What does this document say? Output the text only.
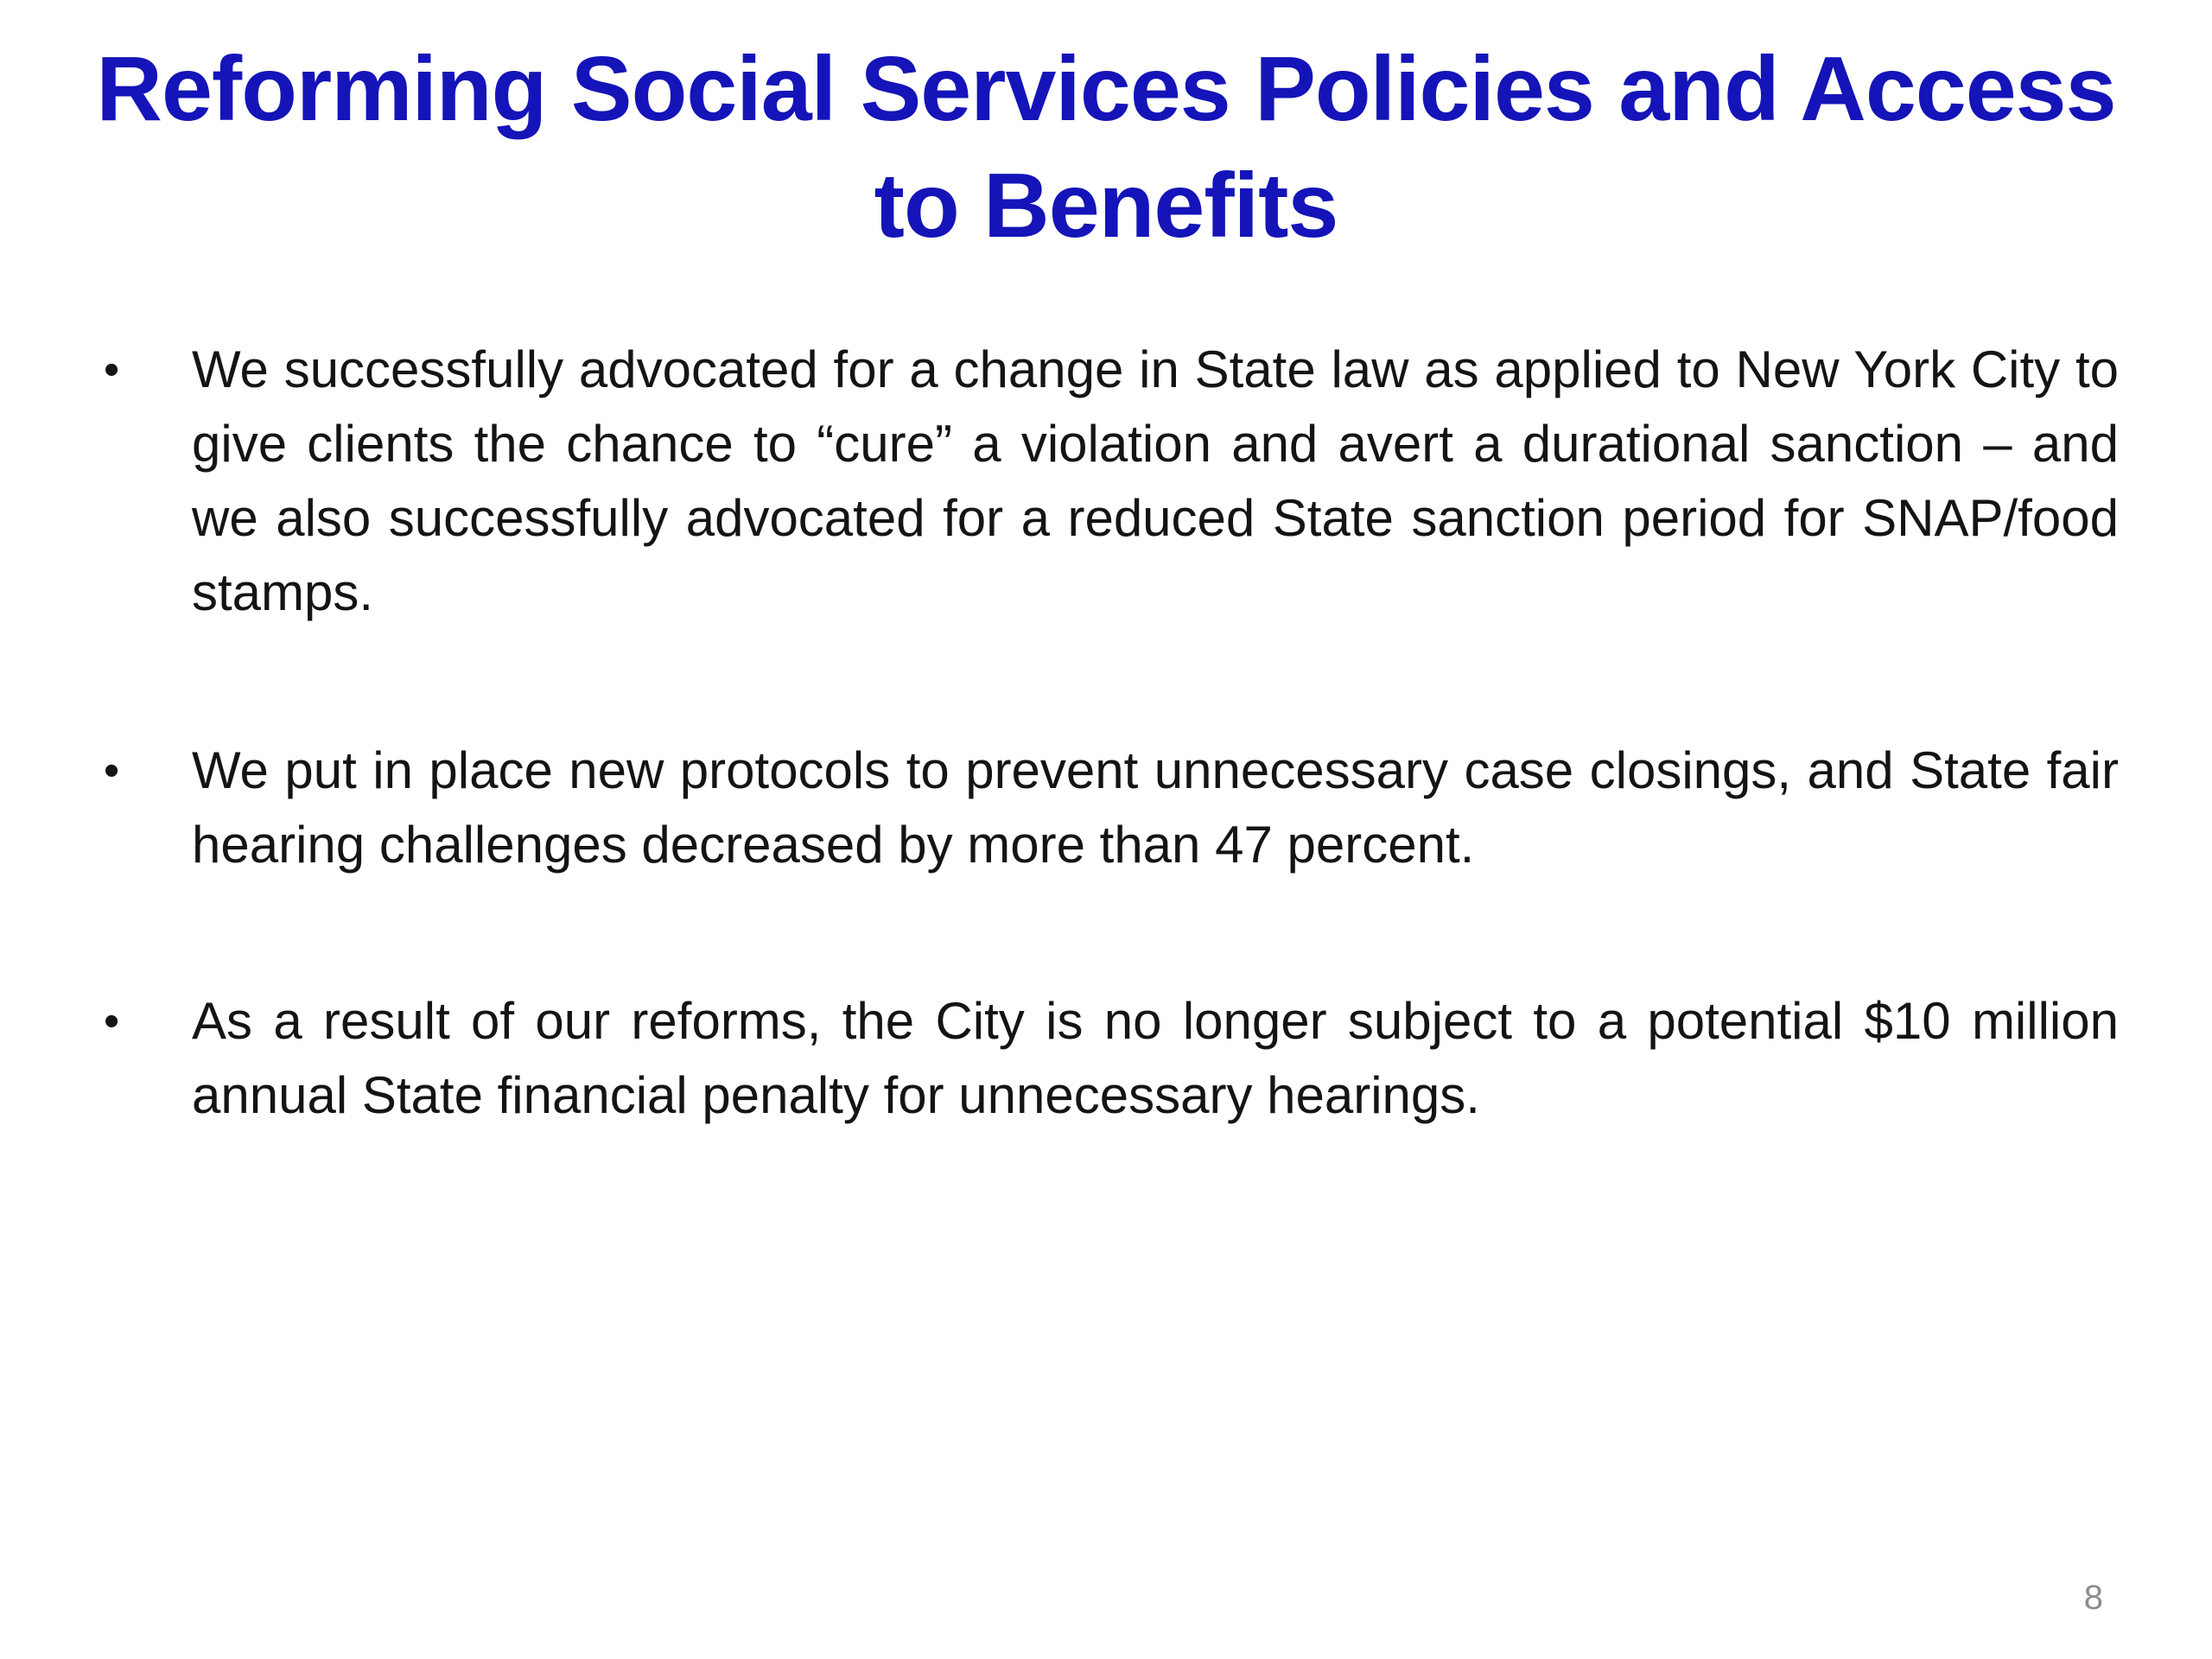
Reforming Social Services Policies and Access to Benefits
•	We successfully advocated for a change in State law as applied to New York City to give clients the chance to “cure” a violation and avert a durational sanction – and we also successfully advocated for a reduced State sanction period for SNAP/food stamps.
•	We put in place new protocols to prevent unnecessary case closings, and State fair hearing challenges decreased by more than 47 percent.
•	As a result of our reforms, the City is no longer subject to a potential $10 million annual State financial penalty for unnecessary hearings.
8
